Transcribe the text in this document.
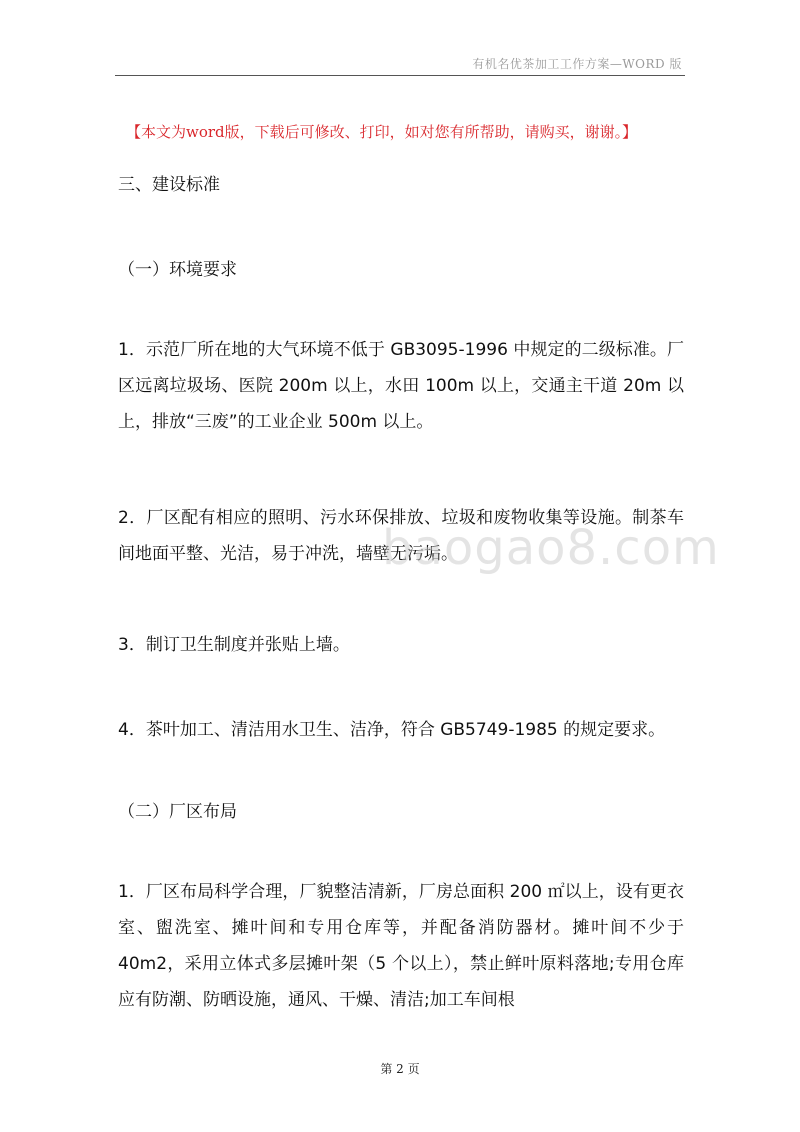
有机名优茶加工工作方案—WORD 版
【本文为word版，下载后可修改、打印，如对您有所帮助，请购买，谢谢。】
三、建设标准
（一）环境要求
1．示范厂所在地的大气环境不低于 GB3095-1996 中规定的二级标准。厂区远离垃圾场、医院 200m 以上，水田 100m 以上，交通主干道 20m 以上，排放“三废”的工业企业 500m 以上。
2．厂区配有相应的照明、污水环保排放、垃圾和废物收集等设施。制茶车间地面平整、光洁，易于冲洗，墙壁无污垢。
3．制订卫生制度并张贴上墙。
4．茶叶加工、清洁用水卫生、洁净，符合 GB5749-1985 的规定要求。
（二）厂区布局
1．厂区布局科学合理，厂貌整洁清新，厂房总面积 200 ㎡以上，设有更衣室、盥洗室、摊叶间和专用仓库等，并配备消防器材。摊叶间不少于 40m2，采用立体式多层摊叶架（5 个以上），禁止鲜叶原料落地;专用仓库应有防潮、防晒设施，通风、干燥、清洁;加工车间根
baogao8.com
第 2 页
